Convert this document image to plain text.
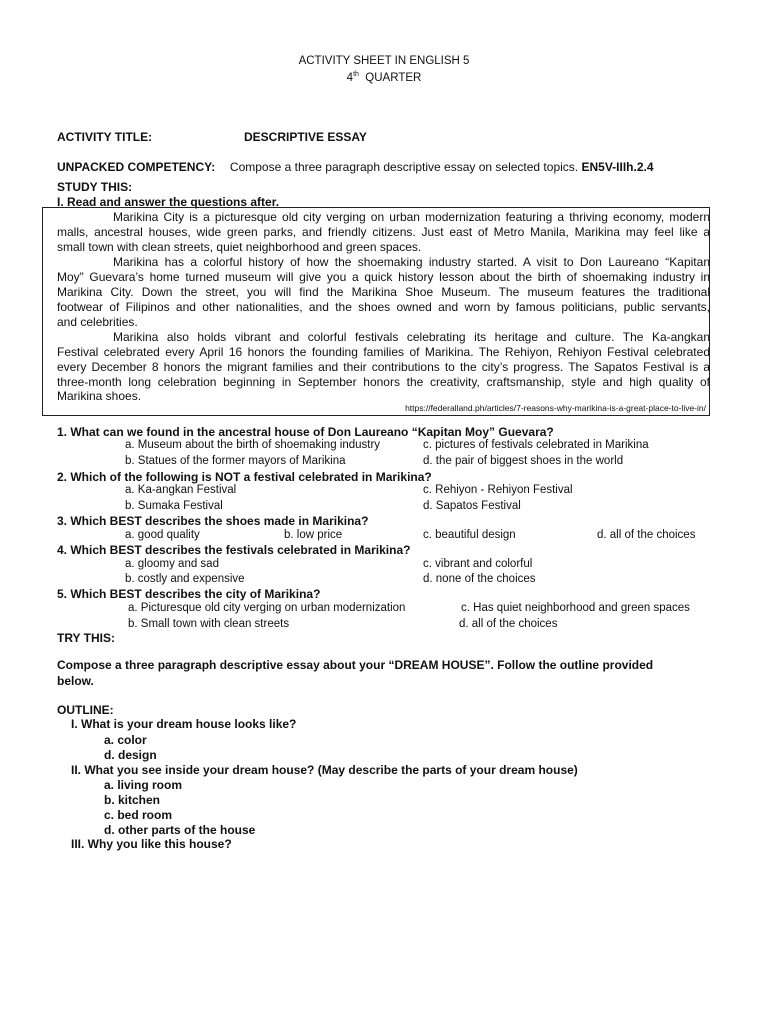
ACTIVITY SHEET IN ENGLISH 5
4th QUARTER
ACTIVITY TITLE:	DESCRIPTIVE ESSAY
UNPACKED COMPETENCY: Compose a three paragraph descriptive essay on selected topics. EN5V-IIIh.2.4
STUDY THIS:
I. Read and answer the questions after.
Marikina City is a picturesque old city verging on urban modernization featuring a thriving economy, modern
malls, ancestral houses, wide green parks, and friendly citizens. Just east of Metro Manila, Marikina may feel like a
small town with clean streets, quiet neighborhood and green spaces.
Marikina has a colorful history of how the shoemaking industry started. A visit to Don Laureano “Kapitan
Moy” Guevara’s home turned museum will give you a quick history lesson about the birth of shoemaking industry in
Marikina City. Down the street, you will find the Marikina Shoe Museum. The museum features the traditional
footwear of Filipinos and other nationalities, and the shoes owned and worn by famous politicians, public servants,
and celebrities.
Marikina also holds vibrant and colorful festivals celebrating its heritage and culture. The Ka-angkan
Festival celebrated every April 16 honors the founding families of Marikina. The Rehiyon, Rehiyon Festival celebrated
every December 8 honors the migrant families and their contributions to the city’s progress. The Sapatos Festival is a
three-month long celebration beginning in September honors the creativity, craftsmanship, style and high quality of
Marikina shoes.
https://federalland.ph/articles/7-reasons-why-marikina-is-a-great-place-to-live-in/
1. What can we found in the ancestral house of Don Laureano “Kapitan Moy” Guevara?
a. Museum about the birth of shoemaking industry	c. pictures of festivals celebrated in Marikina
b. Statues of the former mayors of Marikina	d. the pair of biggest shoes in the world
2. Which of the following is NOT a festival celebrated in Marikina?
a. Ka-angkan Festival	c. Rehiyon - Rehiyon Festival
b. Sumaka Festival	d. Sapatos Festival
3. Which BEST describes the shoes made in Marikina?
a. good quality	b. low price	c. beautiful design	d. all of the choices
4. Which BEST describes the festivals celebrated in Marikina?
a. gloomy and sad	c. vibrant and colorful
b. costly and expensive	d. none of the choices
5. Which BEST describes the city of Marikina?
a. Picturesque old city verging on urban modernization	c. Has quiet neighborhood and green spaces
b. Small town with clean streets	d. all of the choices
TRY THIS:
Compose a three paragraph descriptive essay about your “DREAM HOUSE”. Follow the outline provided
below.
OUTLINE:
I. What is your dream house looks like?
a. color
d. design
II. What you see inside your dream house? (May describe the parts of your dream house)
a. living room
b. kitchen
c. bed room
d. other parts of the house
III. Why you like this house?
